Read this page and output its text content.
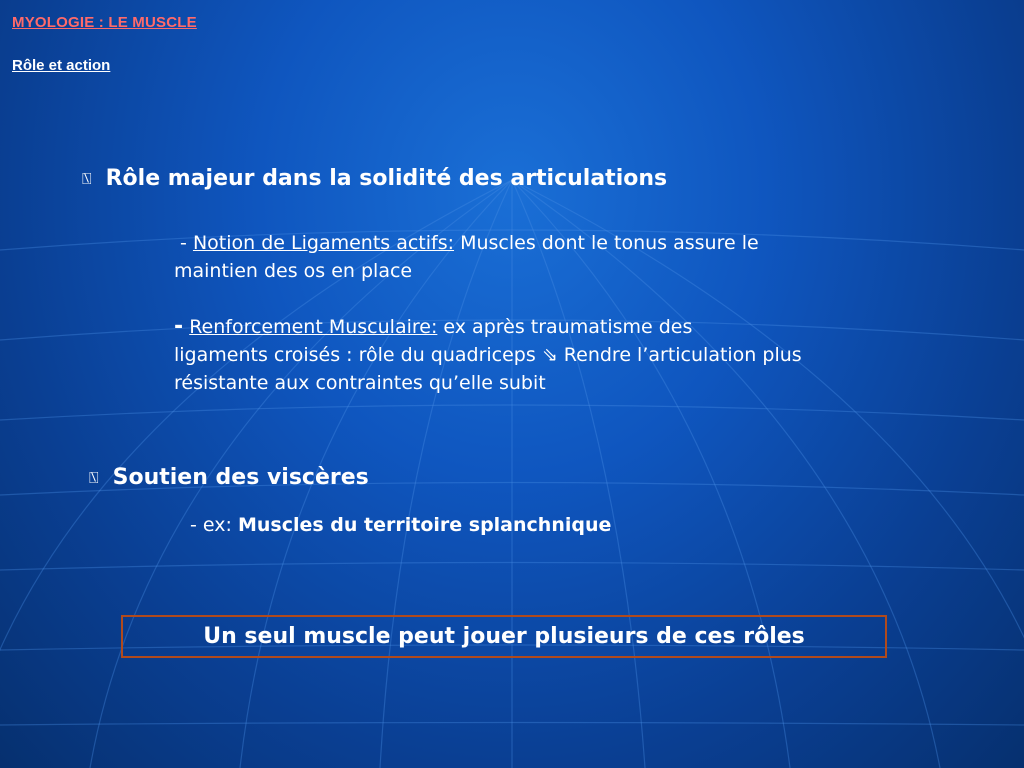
MYOLOGIE : LE MUSCLE
Rôle et action
⍂ Rôle majeur dans la solidité des articulations

- Notion de Ligaments actifs: Muscles dont le tonus assure le
maintien des os en place

- Renforcement Musculaire: ex après traumatisme des
ligaments croisés : rôle du quadriceps ⇘ Rendre l’articulation plus
résistante aux contraintes qu’elle subit

⍂ Soutien des viscères

- ex: Muscles du territoire splanchnique

Un seul muscle peut jouer plusieurs de ces rôles
